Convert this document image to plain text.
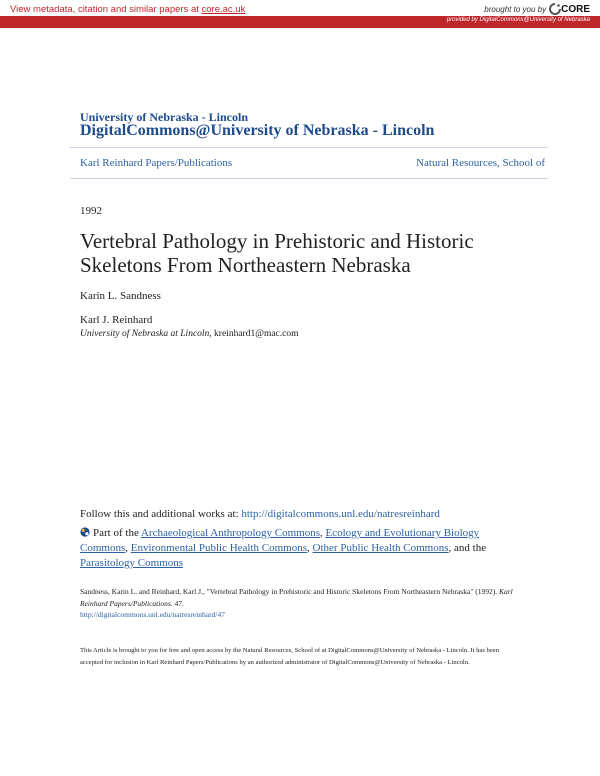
View metadata, citation and similar papers at core.ac.uk	brought to you by CORE
provided by DigitalCommons@University of Nebraska
University of Nebraska - Lincoln
DigitalCommons@University of Nebraska - Lincoln
Karl Reinhard Papers/Publications	Natural Resources, School of
1992
Vertebral Pathology in Prehistoric and Historic
Skeletons From Northeastern Nebraska
Karin L. Sandness
Karl J. Reinhard
University of Nebraska at Lincoln, kreinhard1@mac.com
Follow this and additional works at: http://digitalcommons.unl.edu/natresreinhard
Part of the Archaeological Anthropology Commons, Ecology and Evolutionary Biology Commons, Environmental Public Health Commons, Other Public Health Commons, and the
Parasitology Commons
Sandness, Karin L. and Reinhard, Karl J., "Vertebral Pathology in Prehistoric and Historic Skeletons From Northeastern Nebraska" (1992). Karl Reinhard Papers/Publications. 47.
http://digitalcommons.unl.edu/natresreinhard/47
This Article is brought to you for free and open access by the Natural Resources, School of at DigitalCommons@University of Nebraska - Lincoln. It has been accepted for inclusion in Karl Reinhard Papers/Publications by an authorized administrator of DigitalCommons@University of Nebraska - Lincoln.
